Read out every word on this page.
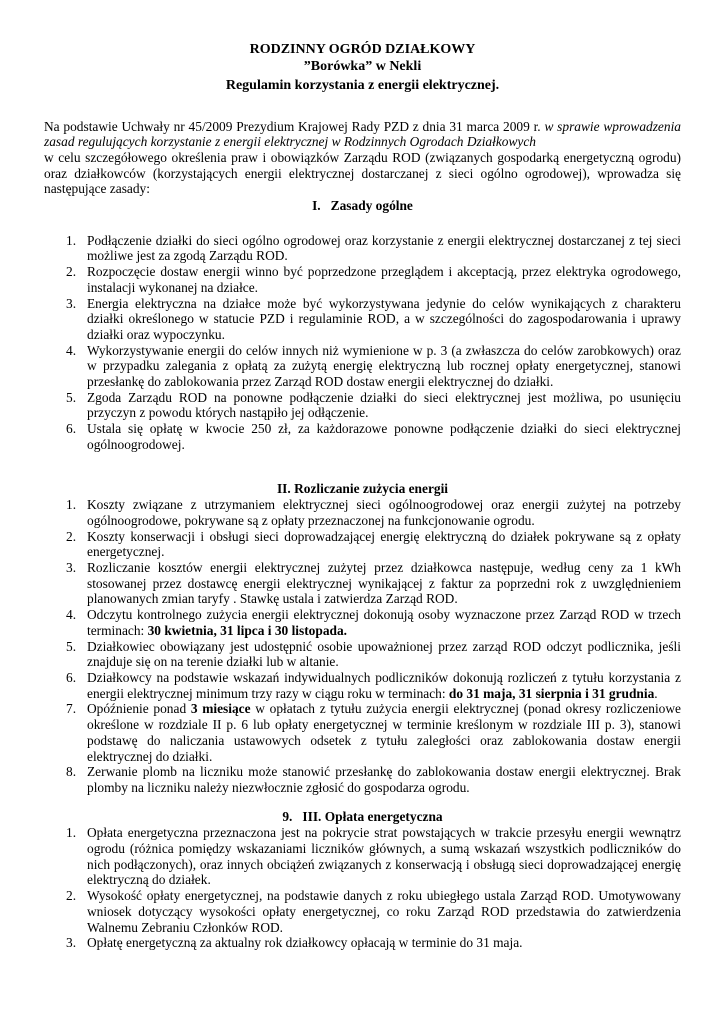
RODZINNY OGRÓD DZIAŁKOWY

”Borówka” w Nekli

Regulamin korzystania z energii elektrycznej.

Na podstawie Uchwały nr 45/2009 Prezydium Krajowej Rady PZD z dnia 31 marca 2009 r. w sprawie wprowadzenia zasad regulujących korzystanie z energii elektrycznej w Rodzinnych Ogrodach Działkowych
w celu szczegółowego określenia praw i obowiązków Zarządu ROD (związanych gospodarką energetyczną ogrodu) oraz działkowców (korzystających energii elektrycznej dostarczanej z sieci ogólno ogrodowej), wprowadza się następujące zasady:

I. Zasady ogólne

1. Podłączenie działki do sieci ogólno ogrodowej oraz korzystanie z energii elektrycznej dostarczanej z tej sieci możliwe jest za zgodą Zarządu ROD.
2. Rozpoczęcie dostaw energii winno być poprzedzone przeglądem i akceptacją, przez elektryka ogrodowego, instalacji wykonanej na działce.
3. Energia elektryczna na działce może być wykorzystywana jedynie do celów wynikających z charakteru działki określonego w statucie PZD i regulaminie ROD, a w szczególności do zagospodarowania i uprawy działki oraz wypoczynku.
4. Wykorzystywanie energii do celów innych niż wymienione w p. 3 (a zwłaszcza do celów zarobkowych) oraz w przypadku zalegania z opłatą za zużytą energię elektryczną lub rocznej opłaty energetycznej, stanowi przesłankę do zablokowania przez Zarząd ROD dostaw energii elektrycznej do działki.
5. Zgoda Zarządu ROD na ponowne podłączenie działki do sieci elektrycznej jest możliwa, po usunięciu przyczyn z powodu których nastąpiło jej odłączenie.
6. Ustala się opłatę w kwocie 250 zł, za każdorazowe ponowne podłączenie działki do sieci elektrycznej ogólnoogrodowej.

II. Rozliczanie zużycia energii

1. Koszty związane z utrzymaniem elektrycznej sieci ogólnoogrodowej oraz energii zużytej na potrzeby ogólnoogrodowe, pokrywane są z opłaty przeznaczonej na funkcjonowanie ogrodu.
2. Koszty konserwacji i obsługi sieci doprowadzającej energię elektryczną do działek pokrywane są z opłaty energetycznej.
3. Rozliczanie kosztów energii elektrycznej zużytej przez działkowca następuje, według ceny za 1 kWh stosowanej przez dostawcę energii elektrycznej wynikającej z faktur za poprzedni rok z uwzględnieniem planowanych zmian taryfy . Stawkę ustala i zatwierdza Zarząd ROD.
4. Odczytu kontrolnego zużycia energii elektrycznej dokonują osoby wyznaczone przez Zarząd ROD w trzech terminach: 30 kwietnia, 31 lipca i 30 listopada.
5. Działkowiec obowiązany jest udostępnić osobie upoważnionej przez zarząd ROD odczyt podlicznika, jeśli znajduje się on na terenie działki lub w altanie.
6. Działkowcy na podstawie wskazań indywidualnych podliczników dokonują rozliczeń z tytułu korzystania z energii elektrycznej minimum trzy razy w ciągu roku w terminach: do 31 maja, 31 sierpnia i 31 grudnia.
7. Opóźnienie ponad 3 miesiące w opłatach z tytułu zużycia energii elektrycznej (ponad okresy rozliczeniowe określone w rozdziale II p. 6 lub opłaty energetycznej w terminie kreślonym w rozdziale III p. 3), stanowi podstawę do naliczania ustawowych odsetek z tytułu zaległości oraz zablokowania dostaw energii elektrycznej do działki.
8. Zerwanie plomb na liczniku może stanowić przesłankę do zablokowania dostaw energii elektrycznej. Brak plomby na liczniku należy niezwłocznie zgłosić do gospodarza ogrodu.

9. III. Opłata energetyczna

1. Opłata energetyczna przeznaczona jest na pokrycie strat powstających w trakcie przesyłu energii wewnątrz ogrodu (różnica pomiędzy wskazaniami liczników głównych, a sumą wskazań wszystkich podliczników do nich podłączonych), oraz innych obciążeń związanych z konserwacją i obsługą sieci doprowadzającej energię elektryczną do działek.
2. Wysokość opłaty energetycznej, na podstawie danych z roku ubiegłego ustala Zarząd ROD. Umotywowany wniosek dotyczący wysokości opłaty energetycznej, co roku Zarząd ROD przedstawia do zatwierdzenia Walnemu Zebraniu Członków ROD.
3. Opłatę energetyczną za aktualny rok działkowcy opłacają w terminie do 31 maja.
